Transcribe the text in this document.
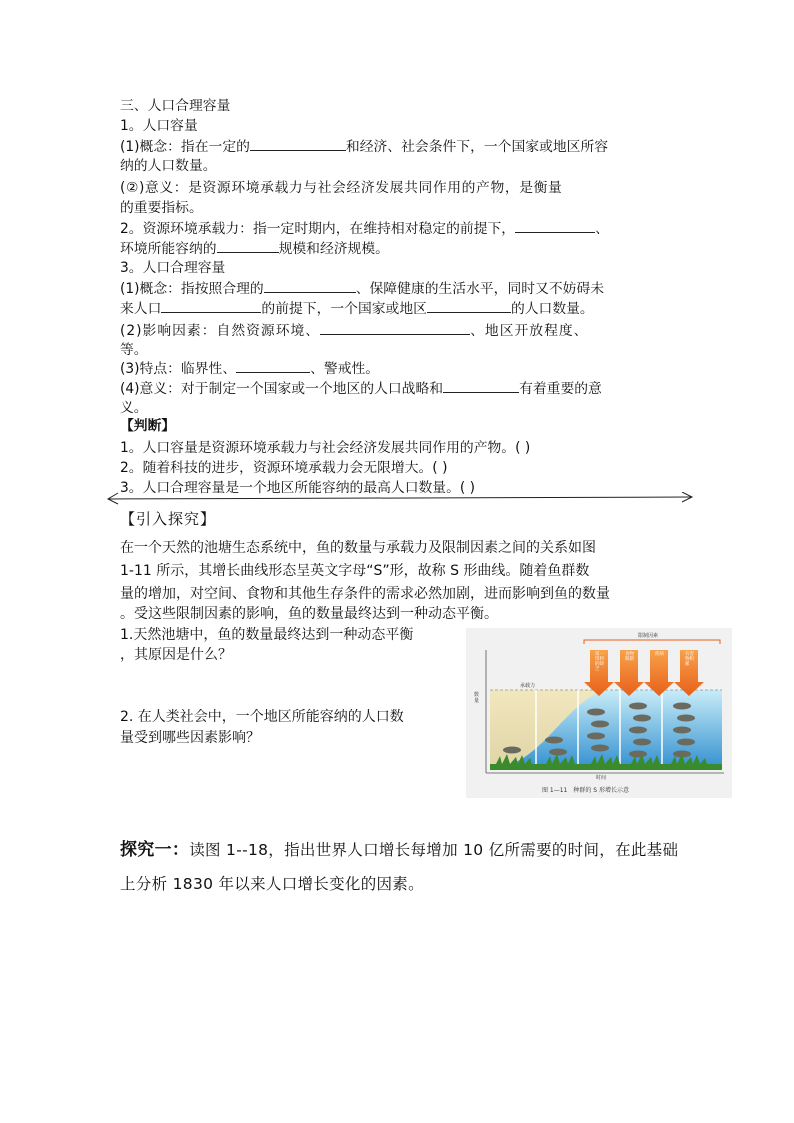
三、人口合理容量
1。人口容量
(1)概念：指在一定的	和经济、社会条件下，一个国家或地区所容
纳的人口数量。
(②)意义：是资源环境承载力与社会经济发展共同作用的产物，是衡量
的重要指标。
2。资源环境承载力：指一定时期内，在维持相对稳定的前提下，	、
环境所能容纳的	规模和经济规模。
3。人口合理容量
(1)概念：指按照合理的	、保障健康的生活水平，同时又不妨碍未
来人口	的前提下，一个国家或地区	的人口数量。
(2)影响因素：自然资源环境、	、地区开放程度、
等。
(3)特点：临界性、	、警戒性。
(4)意义：对于制定一个国家或一个地区的人口战略和	有着重要的意
义。
【判断】
1。人口容量是资源环境承载力与社会经济发展共同作用的产物。( )
2。随着科技的进步，资源环境承载力会无限增大。( )
3。人口合理容量是一个地区所能容纳的最高人口数量。( )
【引入探究】
在一个天然的池塘生态系统中，鱼的数量与承载力及限制因素之间的关系如图
1-11 所示，其增长曲线形态呈英文字母“S”形，故称 S 形曲线。随着鱼群数
量的增加，对空间、食物和其他生存条件的需求必然加剧，进而影响到鱼的数量
。受这些限制因素的影响，鱼的数量最终达到一种动态平衡。
1.天然池塘中，鱼的数量最终达到一种动态平衡
，其原因是什么？
2. 在人类社会中，一个地区所能容纳的人口数
量受到哪些因素影响？
限制因素
第一饵料的缺乏
食物限制
疾病	有害物积累
承载力
数量
时间
图 1—11　种群的 S 形增长示意
探究一：读图 1--18，指出世界人口增长每增加 10 亿所需要的时间，在此基础
上分析 1830 年以来人口增长变化的因素。
